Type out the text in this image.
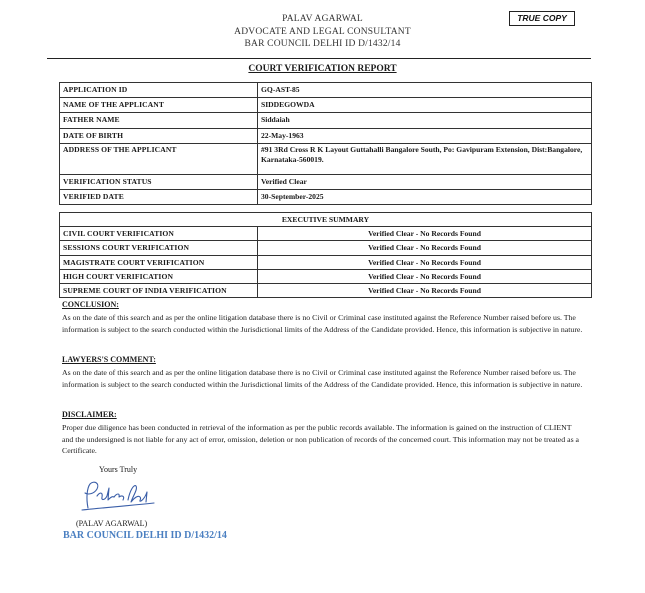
PALAV AGARWAL
ADVOCATE AND LEGAL CONSULTANT
BAR COUNCIL DELHI ID D/1432/14
TRUE COPY
COURT VERIFICATION REPORT
APPLICATION ID	GQ-AST-85
NAME OF THE APPLICANT	SIDDEGOWDA
FATHER NAME	Siddaiah
DATE OF BIRTH	22-May-1963
ADDRESS OF THE APPLICANT	#91 3Rd Cross R K Layout Guttahalli Bangalore South, Po: Gavipuram Extension, Dist:Bangalore, Karnataka-560019.
VERIFICATION STATUS	Verified Clear
VERIFIED DATE	30-September-2025
EXECUTIVE SUMMARY	
CIVIL COURT VERIFICATION	Verified Clear - No Records Found
SESSIONS COURT VERIFICATION	Verified Clear - No Records Found
MAGISTRATE COURT VERIFICATION	Verified Clear - No Records Found
HIGH COURT VERIFICATION	Verified Clear - No Records Found
SUPREME COURT OF INDIA VERIFICATION	Verified Clear - No Records Found
CONCLUSION:
As on the date of this search and as per the online litigation database there is no Civil or Criminal case instituted against the Reference Number raised before us. The information is subject to the search conducted within the Jurisdictional limits of the Address of the Candidate provided. Hence, this information is subjective in nature.
LAWYERS'S COMMENT:
As on the date of this search and as per the online litigation database there is no Civil or Criminal case instituted against the Reference Number raised before us. The information is subject to the search conducted within the Jurisdictional limits of the Address of the Candidate provided. Hence, this information is subjective in nature.
DISCLAIMER:
Proper due diligence has been conducted in retrieval of the information as per the public records available. The information is gained on the instruction of CLIENT and the undersigned is not liable for any act of error, omission, deletion or non publication of records of the concerned court. This information may not be treated as a Certificate.
Yours Truly
(PALAV AGARWAL)
BAR COUNCIL DELHI ID D/1432/14
